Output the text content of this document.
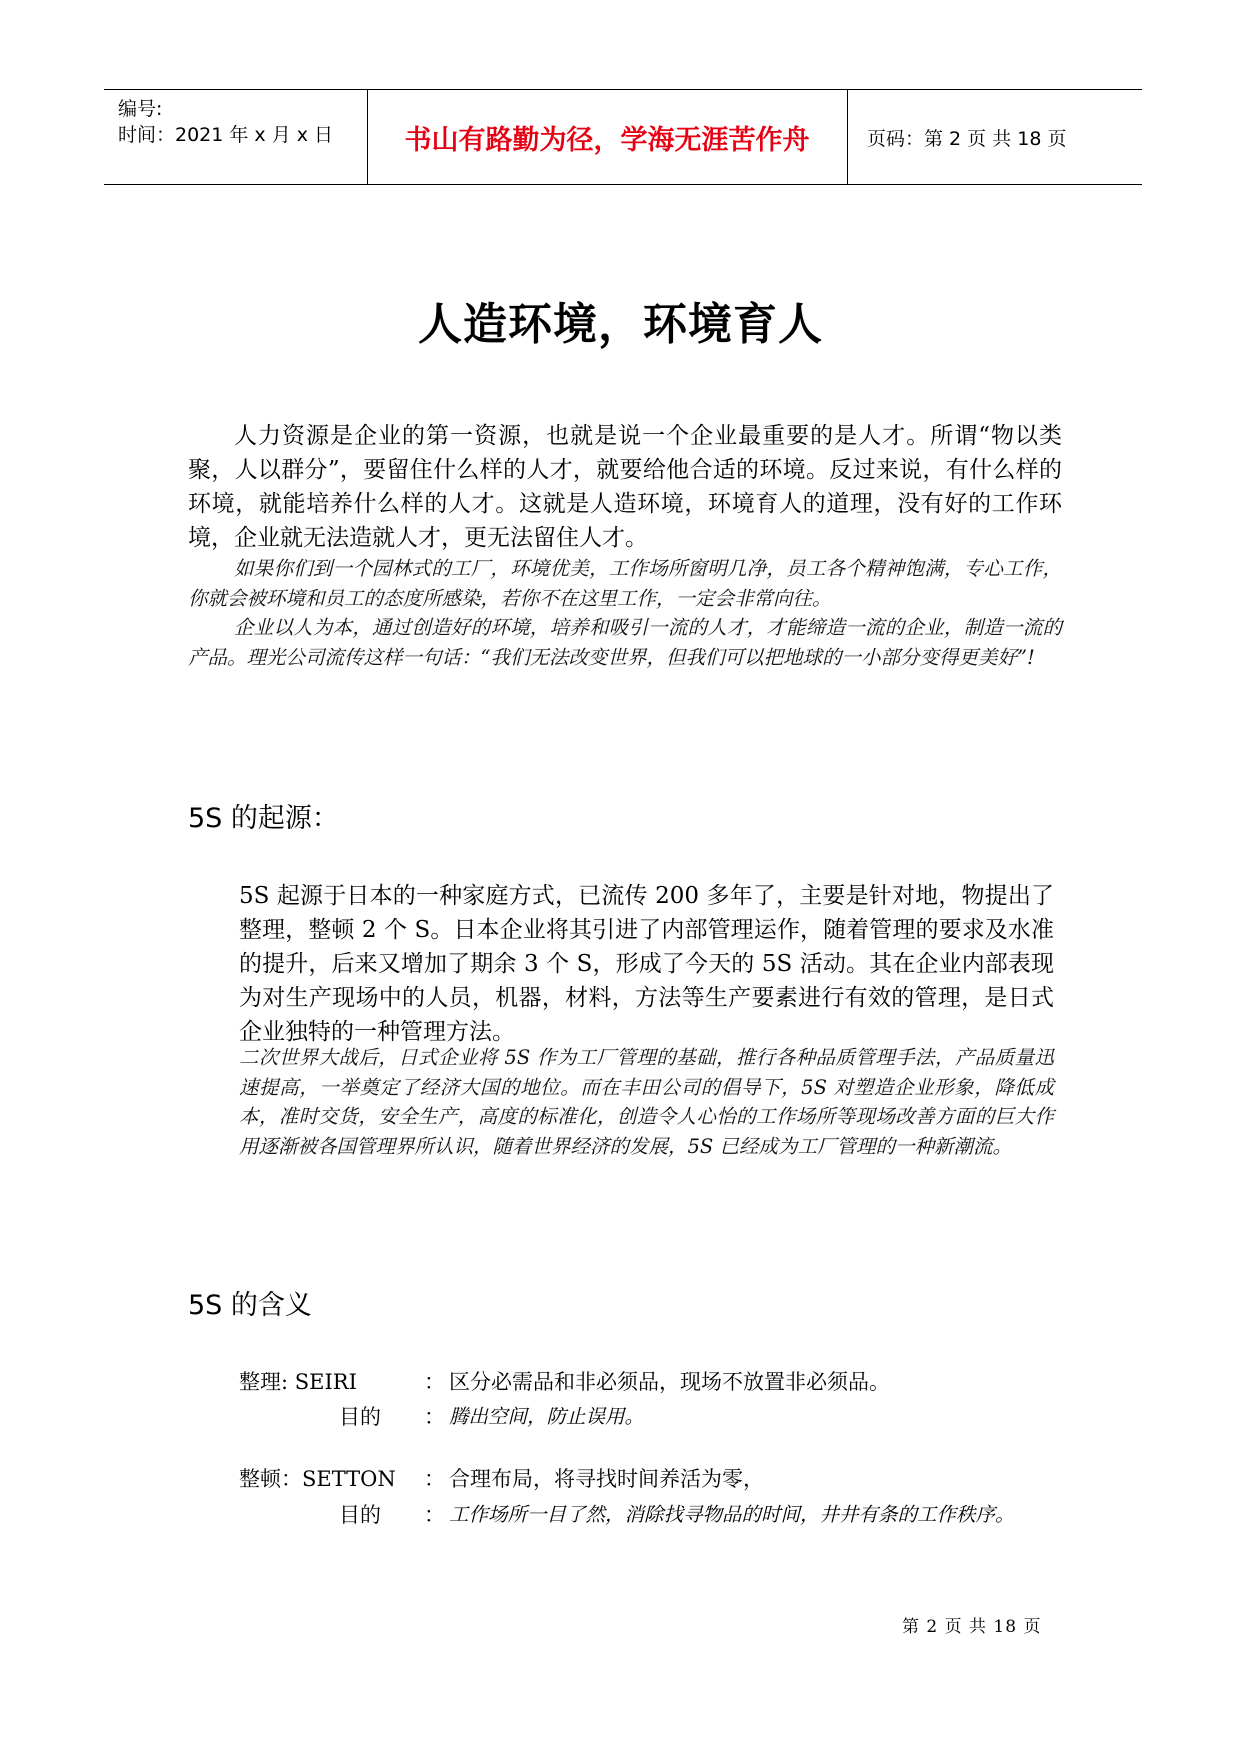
编号:
时间：2021 年 x 月 x 日	书山有路勤为径，学海无涯苦作舟	页码：第 2 页 共 18 页
人造环境，环境育人
人力资源是企业的第一资源，也就是说一个企业最重要的是人才。所谓“物以类聚，人以群分”，要留住什么样的人才，就要给他合适的环境。反过来说，有什么样的环境，就能培养什么样的人才。这就是人造环境，环境育人的道理，没有好的工作环境，企业就无法造就人才，更无法留住人才。
如果你们到一个园林式的工厂，环境优美，工作场所窗明几净，员工各个精神饱满，专心工作，你就会被环境和员工的态度所感染，若你不在这里工作，一定会非常向往。
企业以人为本，通过创造好的环境，培养和吸引一流的人才，才能缔造一流的企业，制造一流的产品。理光公司流传这样一句话：“我们无法改变世界，但我们可以把地球的一小部分变得更美好”!
5S 的起源：
5S 起源于日本的一种家庭方式，已流传 200 多年了，主要是针对地，物提出了整理，整顿 2 个 S。日本企业将其引进了内部管理运作，随着管理的要求及水准的提升，后来又增加了期余 3 个 S，形成了今天的 5S 活动。其在企业内部表现为对生产现场中的人员，机器，材料，方法等生产要素进行有效的管理，是日式企业独特的一种管理方法。
二次世界大战后，日式企业将 5S 作为工厂管理的基础，推行各种品质管理手法，产品质量迅速提高，一举奠定了经济大国的地位。而在丰田公司的倡导下，5S 对塑造企业形象，降低成本，准时交货，安全生产，高度的标准化，创造令人心怡的工作场所等现场改善方面的巨大作用逐渐被各国管理界所认识，随着世界经济的发展，5S 已经成为工厂管理的一种新潮流。
5S 的含义
整理: SEIRI	： 区分必需品和非必须品，现场不放置非必须品。
目的 ： 腾出空间，防止误用。
整顿：SETTON ： 合理布局，将寻找时间养活为零，
目的 ： 工作场所一目了然，消除找寻物品的时间，井井有条的工作秩序。
第 2 页 共 18 页
